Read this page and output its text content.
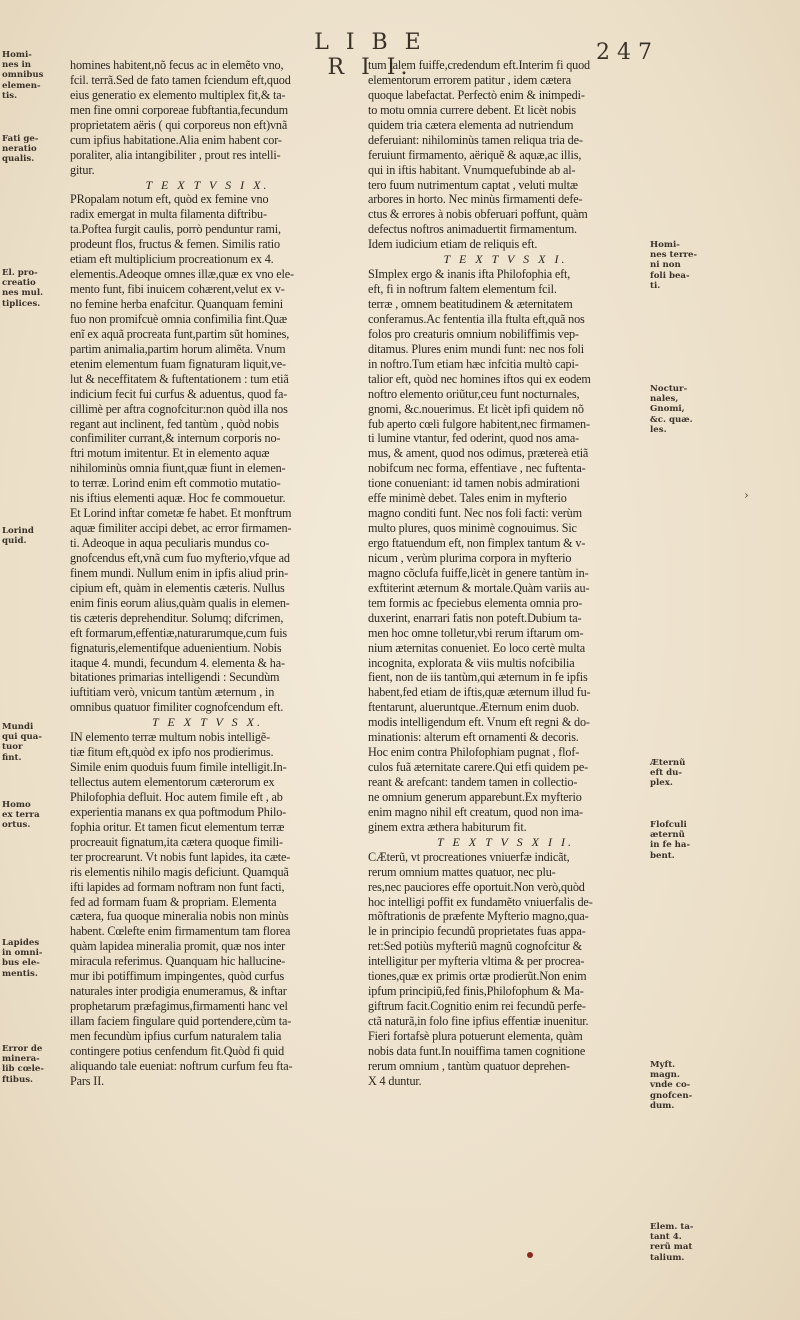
L I B E R I I.
2 4 7
homines habitent,nõ fecus ac in elemẽto vno,
fcil. terrã.Sed de fato tamen fciendum eft,quod
eius generatio ex elemento multiplex fit,& ta-
men fine omni corporeae fubftantia,fecundum
proprietatem aëris ( qui corporeus non eft)vnã
cum ipfius habitatione.Alia enim habent cor-
poraliter, alia intangibiliter , prout res intelli-
gitur.
T E X T V S I X.
PRopalam notum eft, quòd ex femine vno
radix emergat in multa filamenta diftribu-
ta.Poftea furgit caulis, porrò penduntur rami,
prodeunt flos, fructus & femen. Similis ratio
etiam eft multiplicium procreationum ex 4.
elementis.Adeoque omnes illæ,quæ ex vno ele-
mento funt, fibi inuicem cohærent,velut ex v-
no femine herba enafcitur. Quanquam femini
fuo non promifcuè omnia confimilia fint.Quæ
enĩ ex aquã procreata funt,partim sũt homines,
partim animalia,partim horum alimẽta. Vnum
etenim elementum fuam fignaturam liquit,ve-
lut & neceffitatem & fuftentationem : tum etiã
indicium fecit fui curfus & aduentus, quod fa-
cillimè per aftra cognofcitur:non quòd illa nos
regant aut inclinent, fed tantùm , quòd nobis
confimiliter currant,& internum corporis no-
ftri motum imitentur. Et in elemento aquæ
nihilominùs omnia fiunt,quæ fiunt in elemen-
to terræ. Lorind enim eft commotio mutatio-
nis iftius elementi aquæ. Hoc fe commouetur.
Et Lorind inftar cometæ fe habet. Et monftrum
aquæ fimiliter accipi debet, ac error firmamen-
ti. Adeoque in aqua peculiaris mundus co-
gnofcendus eft,vnã cum fuo myfterio,vfque ad
finem mundi. Nullum enim in ipfis aliud prin-
cipium eft, quàm in elementis cæteris. Nullus
enim finis eorum alius,quàm qualis in elemen-
tis cæteris deprehenditur. Solumq; difcrimen,
eft formarum,effentiæ,naturarumque,cum fuis
fignaturis,elementifque aduenientium. Nobis
itaque 4. mundi, fecundum 4. elementa & ha-
bitationes primarias intelligendi : Secundùm
iuftitiam verò, vnicum tantùm æternum , in
omnibus quatuor fimiliter cognofcendum eft.
T E X T V S X.
IN elemento terræ multum nobis intelligẽ-
tiæ fitum eft,quòd ex ipfo nos prodierimus.
Simile enim quoduis fuum fimile intelligit.In-
tellectus autem elementorum cæterorum ex
Philofophia defluit. Hoc autem fimile eft , ab
experientia manans ex qua poftmodum Philo-
fophia oritur. Et tamen ficut elementum terræ
procreauit fignatum,ita cætera quoque fimili-
ter procrearunt. Vt nobis funt lapides, ita cæte-
ris elementis nihilo magis deficiunt. Quamquã
ifti lapides ad formam noftram non funt facti,
fed ad formam fuam & propriam. Elementa
cætera, fua quoque mineralia nobis non minùs
habent. Cœlefte enim firmamentum tam florea
quàm lapidea mineralia promit, quæ nos inter
miracula referimus. Quanquam hic hallucine-
mur ibi potiffimum impingentes, quòd curfus
naturales inter prodigia enumeramus, & inftar
prophetarum præfagimus,firmamenti hanc vel
illam faciem fingulare quid portendere,cùm ta-
men fecundùm ipfius curfum naturalem talia
contingere potius cenfendum fit.Quòd fi quid
aliquando tale eueniat: noftrum curfum feu fta-
Pars II.
tum talem fuiffe,credendum eft.Interim fi quod
elementorum errorem patitur , idem cætera
quoque labefactat. Perfectò enim & inimpedi-
to motu omnia currere debent. Et licèt nobis
quidem tria cætera elementa ad nutriendum
deferuiant: nihilominùs tamen reliqua tria de-
feruiunt firmamento, aëriquẽ & aquæ,ac illis,
qui in iftis habitant. Vnumquefubinde ab al-
tero fuum nutrimentum captat , veluti multæ
arbores in horto. Nec minùs firmamenti defe-
ctus & errores à nobis obferuari poffunt, quàm
defectus noftros animaduertit firmamentum.
Idem iudicium etiam de reliquis eft.
T E X T V S X I.
SImplex ergo & inanis ifta Philofophia eft,
eft, fi in noftrum faltem elementum fcil.
terræ , omnem beatitudinem & æternitatem
conferamus.Ac fententia illa ftulta eft,quã nos
folos pro creaturis omnium nobiliffimis vep-
ditamus. Plures enim mundi funt: nec nos foli
in noftro.Tum etiam hæc infcitia multò capi-
talior eft, quòd nec homines iftos qui ex eodem
noftro elemento oriũtur,ceu funt nocturnales,
gnomi, &c.nouerimus. Et licèt ipfi quidem nõ
fub aperto cœli fulgore habitent,nec firmamen-
ti lumine vtantur, fed oderint, quod nos ama-
mus, & ament, quod nos odimus, prætereà etiã
nobifcum nec forma, effentiave , nec fuftenta-
tione conueniant: id tamen nobis admirationi
effe minimè debet. Tales enim in myfterio
magno conditi funt. Nec nos foli facti: verùm
multo plures, quos minimè cognouimus. Sic
ergo ftatuendum eft, non fimplex tantum & v-
nicum , verùm plurima corpora in myfterio
magno cõclufa fuiffe,licèt in genere tantùm in-
exftiterint æternum & mortale.Quàm variis au-
tem formis ac fpeciebus elementa omnia pro-
duxerint, enarrari fatis non poteft.Dubium ta-
men hoc omne tolletur,vbi rerum iftarum om-
nium æternitas conueniet. Eo loco certè multa
incognita, explorata & viis multis nofcibilia
fient, non de iis tantùm,qui æternum in fe ipfis
habent,fed etiam de iftis,quæ æternum illud fu-
ftentarunt, alueruntque.Æternum enim duob.
modis intelligendum eft. Vnum eft regni & do-
minationis: alterum eft ornamenti & decoris.
Hoc enim contra Philofophiam pugnat , flof-
culos fuã æternitate carere.Qui etfi quidem pe-
reant & arefcant: tandem tamen in collectio-
ne omnium generum apparebunt.Ex myfterio
enim magno nihil eft creatum, quod non ima-
ginem extra æthera habiturum fit.
T E X T V S X I I.
CÆterũ, vt procreationes vniuerfæ indicãt,
rerum omnium mattes quatuor, nec plu-
res,nec pauciores effe oportuit.Non verò,quòd
hoc intelligi poffit ex fundamẽto vniuerfalis de-
mõftrationis de præfente Myfterio magno,qua-
le in principio fecundũ proprietates fuas appa-
ret:Sed potiùs myfteriũ magnũ cognofcitur &
intelligitur per myfteria vltima & per procrea-
tiones,quæ ex primis ortæ prodierũt.Non enim
ipfum principiũ,fed finis,Philofophum & Ma-
giftrum facit.Cognitio enim rei fecundũ perfe-
ctã naturã,in folo fine ipfius effentiæ inuenitur.
Fieri fortafsè plura potuerunt elementa, quàm
nobis data funt.In nouiffima tamen cognitione
rerum omnium , tantùm quatuor deprehen-
X 4 duntur.
Homi-
nes in
omnibus
elemen-
tis.
Fati ge-
neratio
qualis.
El. pro-
creatio
nes mul.
tiplices.
Lorind
quid.
Mundi
qui qua-
tuor
fint.
Homo
ex terra
ortus.
Lapides
in omni-
bus ele-
mentis.
Error de
minera-
lib cœle-
ftibus.
Homi-
nes terre-
ni non
foli bea-
ti.
Noctur-
nales,
Gnomi,
&c. quæ.
les.
Æternũ
eft du-
plex.
Flofculi
æternũ
in fe ha-
bent.
Myft.
magn.
vnde co-
gnofcen-
dum.
Elem. ta-
tant 4.
rerũ mat
talium.
›
